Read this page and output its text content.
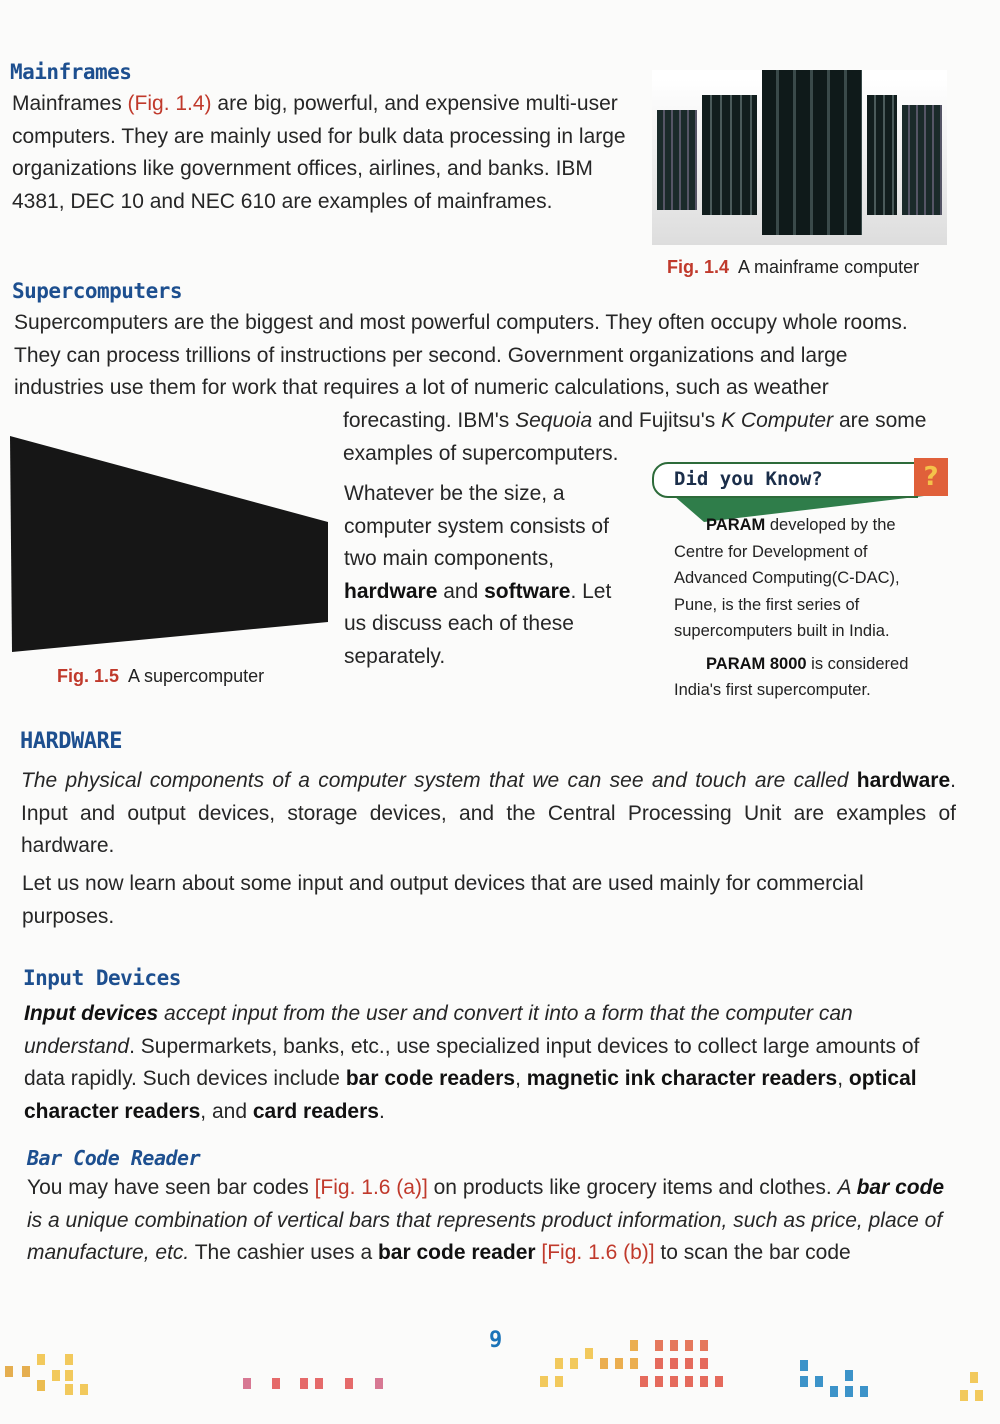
Mainframes
Mainframes (Fig. 1.4) are big, powerful, and expensive multi-user computers. They are mainly used for bulk data processing in large organizations like government offices, airlines, and banks. IBM 4381, DEC 10 and NEC 610 are examples of mainframes.
Fig. 1.4 A mainframe computer
Supercomputers
Supercomputers are the biggest and most powerful computers. They often occupy whole rooms. They can process trillions of instructions per second. Government organizations and large industries use them for work that requires a lot of numeric calculations, such as weather
forecasting. IBM's Sequoia and Fujitsu's K Computer are some examples of supercomputers.
Fig. 1.5 A supercomputer
Whatever be the size, a computer system consists of two main components, hardware and software. Let us discuss each of these separately.
Did you Know?	?
PARAM developed by the Centre for Development of Advanced Computing(C-DAC), Pune, is the first series of supercomputers built in India.
PARAM 8000 is considered India's first supercomputer.
HARDWARE
The physical components of a computer system that we can see and touch are called hardware. Input and output devices, storage devices, and the Central Processing Unit are examples of hardware.
Let us now learn about some input and output devices that are used mainly for commercial purposes.
Input Devices
Input devices accept input from the user and convert it into a form that the computer can understand. Supermarkets, banks, etc., use specialized input devices to collect large amounts of data rapidly. Such devices include bar code readers, magnetic ink character readers, optical character readers, and card readers.
Bar Code Reader
You may have seen bar codes [Fig. 1.6 (a)] on products like grocery items and clothes. A bar code is a unique combination of vertical bars that represents product information, such as price, place of manufacture, etc. The cashier uses a bar code reader [Fig. 1.6 (b)] to scan the bar code
9
